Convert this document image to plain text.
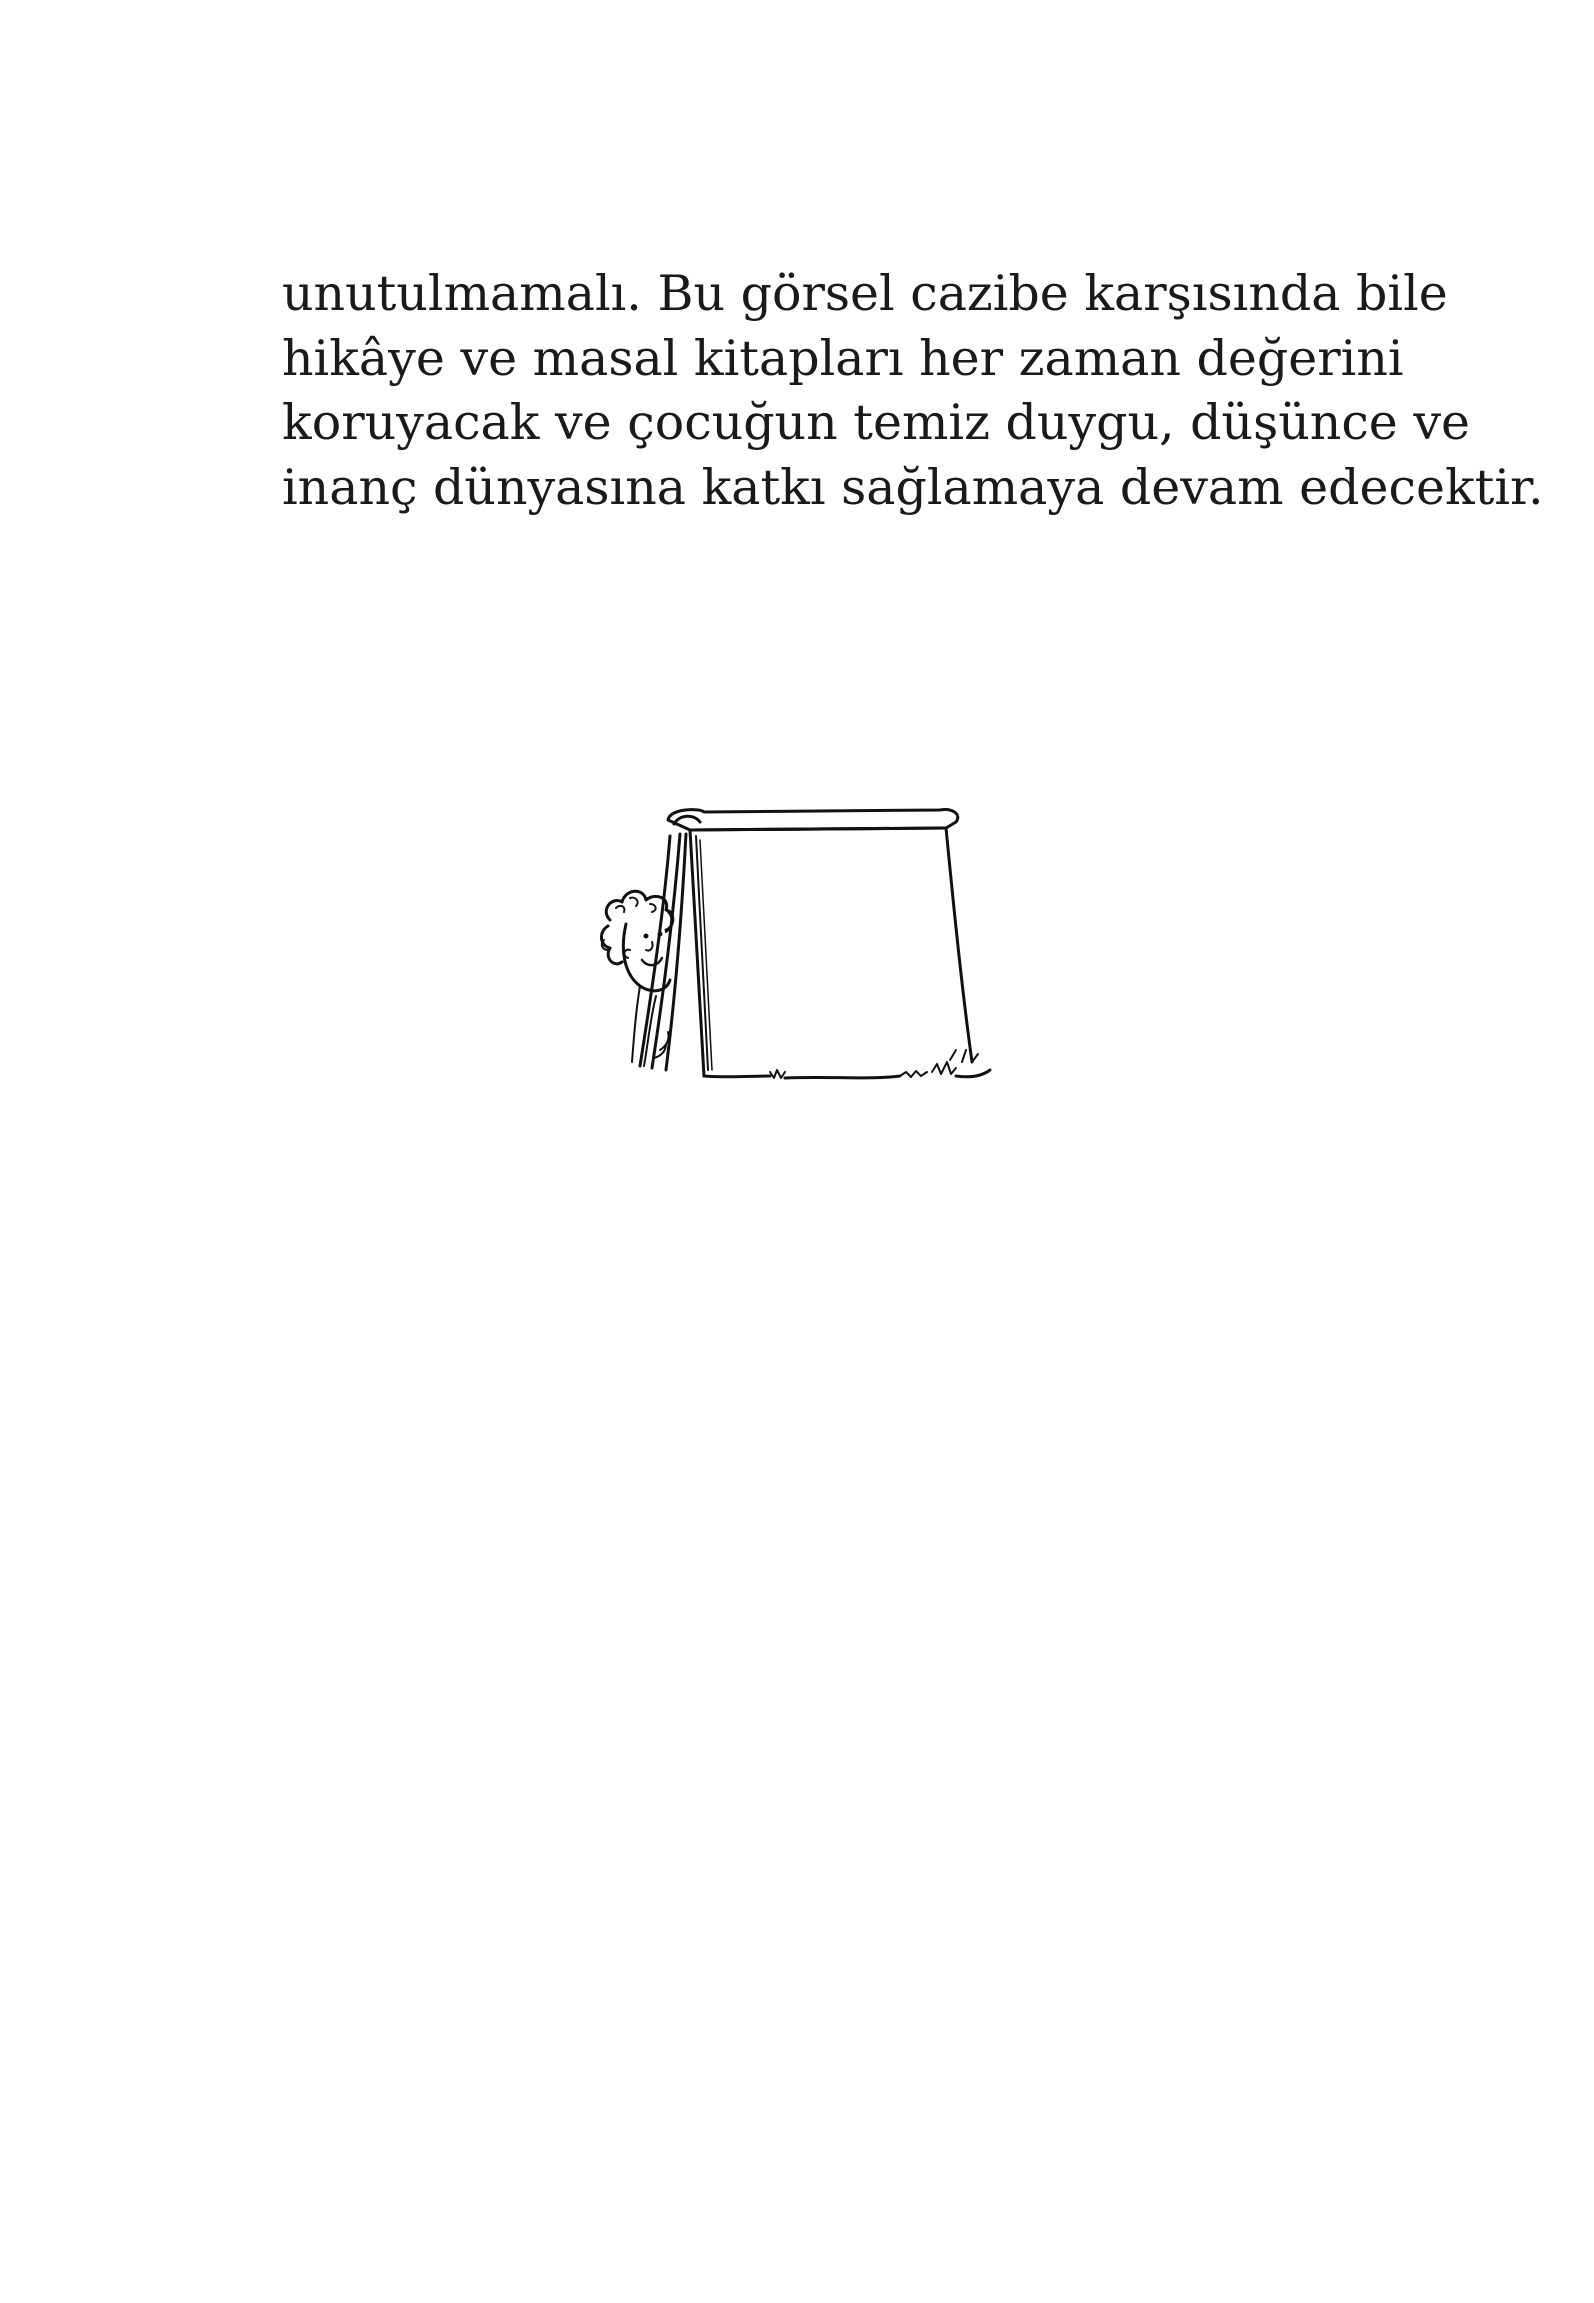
unutulmamalı. Bu görsel cazibe karşısında bile
hikâye ve masal kitapları her zaman değerini
koruyacak ve çocuğun temiz duygu, düşünce ve
inanç dünyasına katkı sağlamaya devam edecektir.
